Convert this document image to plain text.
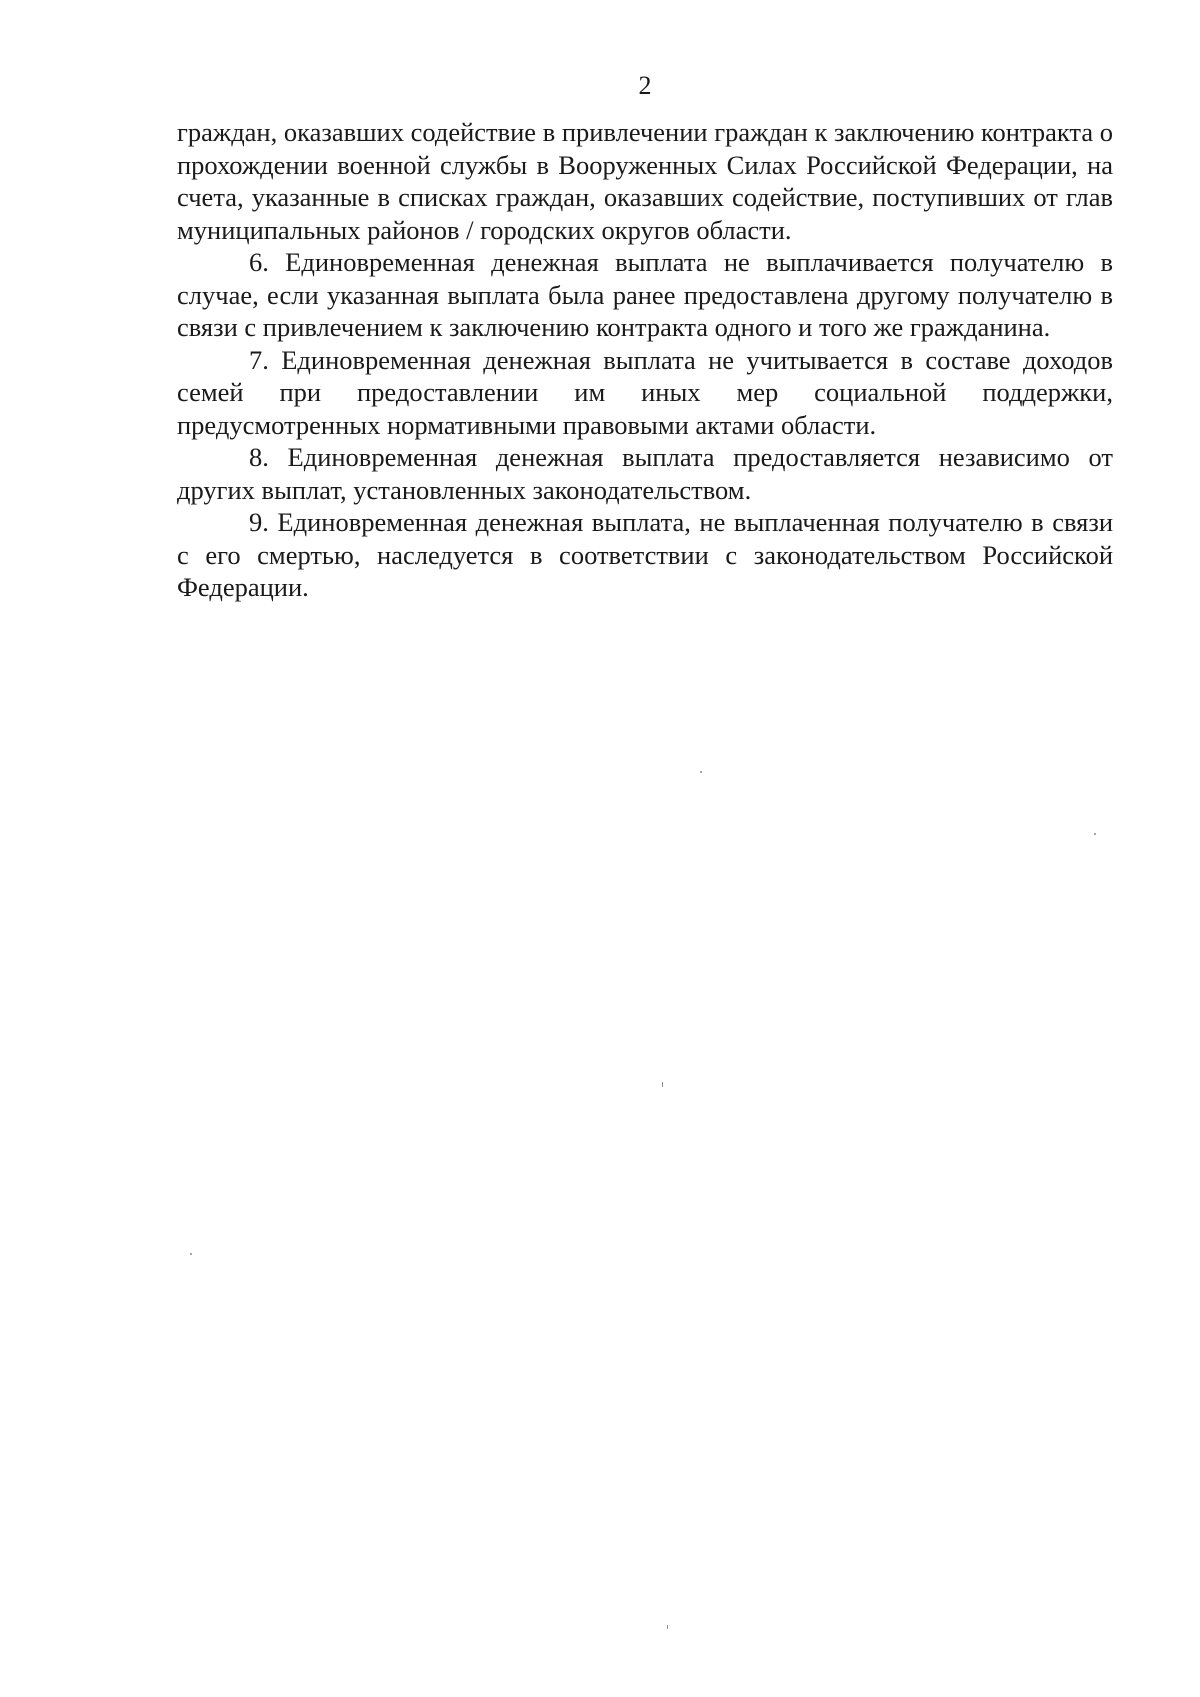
2

граждан, оказавших содействие в привлечении граждан к заключению контракта о прохождении военной службы в Вооруженных Силах Российской Федерации, на счета, указанные в списках граждан, оказавших содействие, поступивших от глав муниципальных районов / городских округов области.

6. Единовременная денежная выплата не выплачивается получателю в случае, если указанная выплата была ранее предоставлена другому получателю в связи с привлечением к заключению контракта одного и того же гражданина.

7. Единовременная денежная выплата не учитывается в составе доходов семей при предоставлении им иных мер социальной поддержки, предусмотренных нормативными правовыми актами области.

8. Единовременная денежная выплата предоставляется независимо от других выплат, установленных законодательством.

9. Единовременная денежная выплата, не выплаченная получателю в связи с его смертью, наследуется в соответствии с законодательством Российской Федерации.
